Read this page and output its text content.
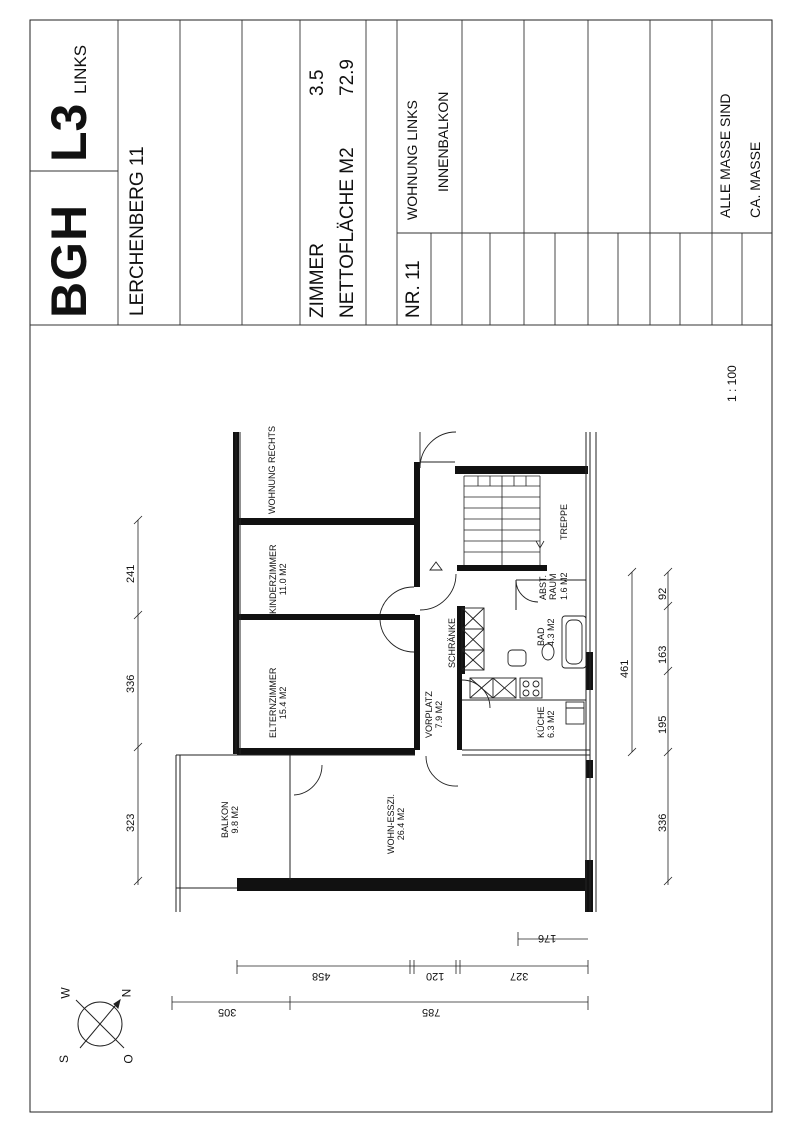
BGH
L3
LINKS
LERCHENBERG 11	ZIMMER
3.5
NETTOFLÄCHE M2
72.9
NR. 11
WOHNUNG LINKS INNENBALKON	ALLE MASSE SIND CA. MASSE
1 : 100
WOHNUNG RECHTS
KINDERZIMMER 11.0 M2
ELTERNZIMMER 15.4 M2
BALKON 9.8 M2	WOHN-ESSZI. 26.4 M2
VORPLATZ 7.9 M2
SCHRÄNKE	BAD 4.3 M2
ABST. RAUM 1.6 M2
KÜCHE 6.3 M2
TREPPE
241
336
323
461
92
163
195
336
176
458	120	327
305	785
N
O
S
W
